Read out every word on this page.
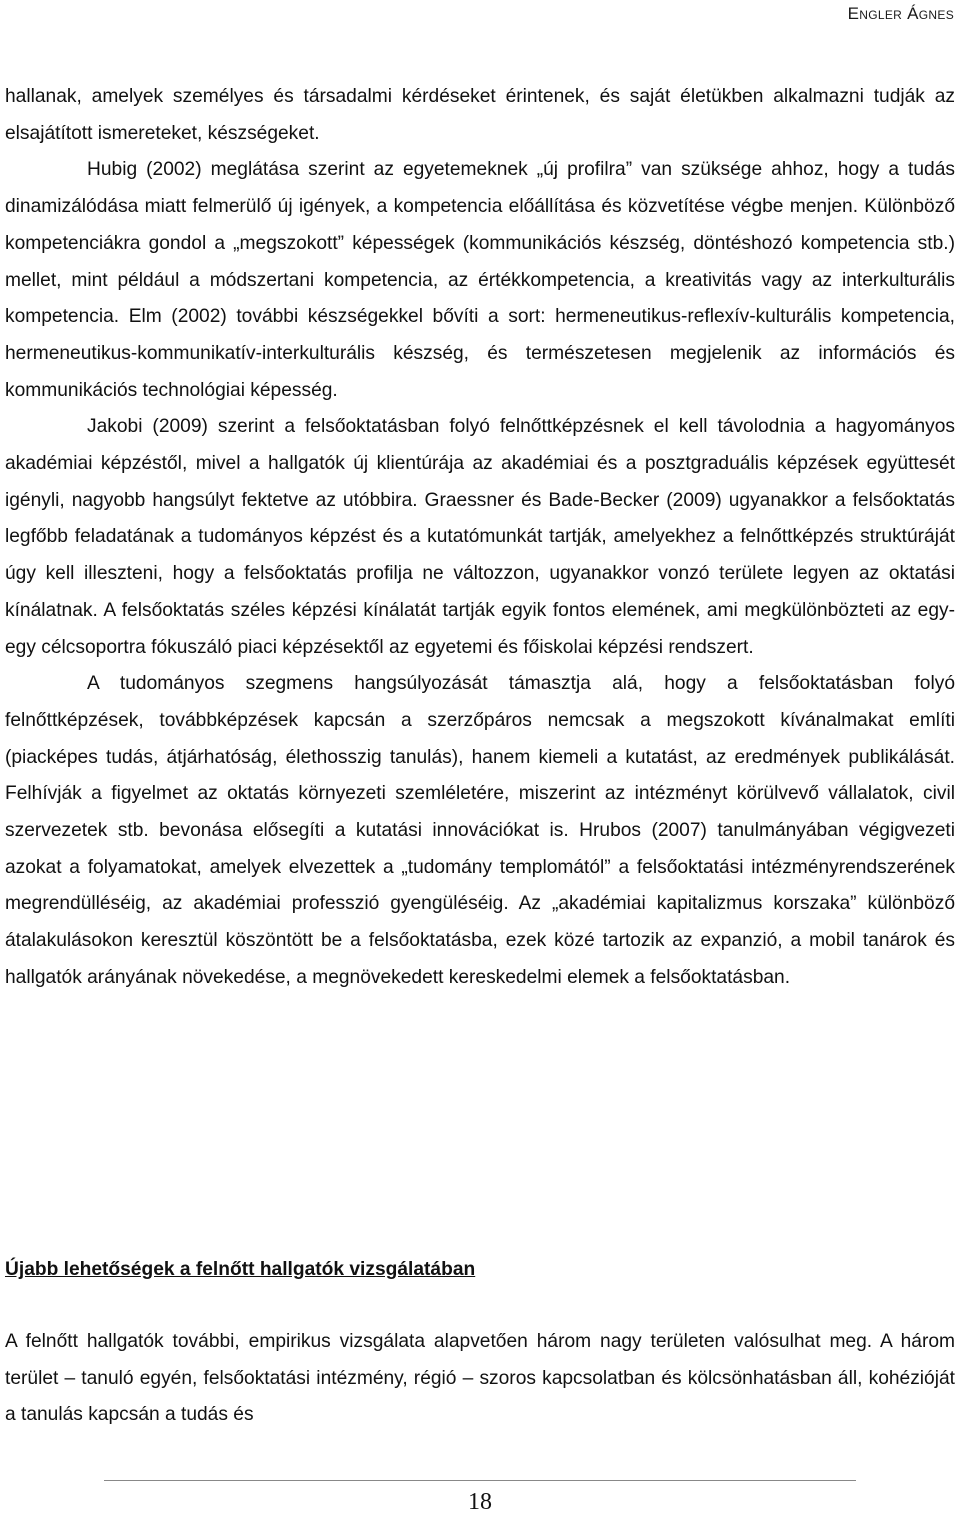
Engler Ágnes

hallanak, amelyek személyes és társadalmi kérdéseket érintenek, és saját életükben alkalmazni tudják az elsajátított ismereteket, készségeket.

Hubig (2002) meglátása szerint az egyetemeknek „új profilra” van szüksége ahhoz, hogy a tudás dinamizálódása miatt felmerülő új igények, a kompetencia előállítása és közvetítése végbe menjen. Különböző kompetenciákra gondol a „megszokott” képességek (kommunikációs készség, döntéshozó kompetencia stb.) mellet, mint például a módszertani kompetencia, az értékkompetencia, a kreativitás vagy az interkulturális kompetencia. Elm (2002) további készségekkel bővíti a sort: hermeneutikus-reflexív-kulturális kompetencia, hermeneutikus-kommunikatív-interkulturális készség, és természetesen megjelenik az információs és kommunikációs technológiai képesség.

Jakobi (2009) szerint a felsőoktatásban folyó felnőttképzésnek el kell távolodnia a hagyományos akadémiai képzéstől, mivel a hallgatók új klientúrája az akadémiai és a posztgraduális képzések együttesét igényli, nagyobb hangsúlyt fektetve az utóbbira. Graessner és Bade-Becker (2009) ugyanakkor a felsőoktatás legfőbb feladatának a tudományos képzést és a kutatómunkát tartják, amelyekhez a felnőttképzés struktúráját úgy kell illeszteni, hogy a felsőoktatás profilja ne változzon, ugyanakkor vonzó területe legyen az oktatási kínálatnak. A felsőoktatás széles képzési kínálatát tartják egyik fontos elemének, ami megkülönbözteti az egy-egy célcsoportra fókuszáló piaci képzésektől az egyetemi és főiskolai képzési rendszert.

A tudományos szegmens hangsúlyozását támasztja alá, hogy a felsőoktatásban folyó felnőttképzések, továbbképzések kapcsán a szerzőpáros nemcsak a megszokott kívánalmakat említi (piacképes tudás, átjárhatóság, élethosszig tanulás), hanem kiemeli a kutatást, az eredmények publikálását. Felhívják a figyelmet az oktatás környezeti szemléletére, miszerint az intézményt körülvevő vállalatok, civil szervezetek stb. bevonása elősegíti a kutatási innovációkat is. Hrubos (2007) tanulmányában végigvezeti azokat a folyamatokat, amelyek elvezettek a „tudomány templomától” a felsőoktatási intézményrendszerének megrendülléséig, az akadémiai professzió gyengüléséig. Az „akadémiai kapitalizmus korszaka” különböző átalakulásokon keresztül köszöntött be a felsőoktatásba, ezek közé tartozik az expanzió, a mobil tanárok és hallgatók arányának növekedése, a megnövekedett kereskedelmi elemek a felsőoktatásban.

Újabb lehetőségek a felnőtt hallgatók vizsgálatában

A felnőtt hallgatók további, empirikus vizsgálata alapvetően három nagy területen valósulhat meg. A három terület – tanuló egyén, felsőoktatási intézmény, régió – szoros kapcsolatban és kölcsönhatásban áll, kohézióját a tanulás kapcsán a tudás és

18
